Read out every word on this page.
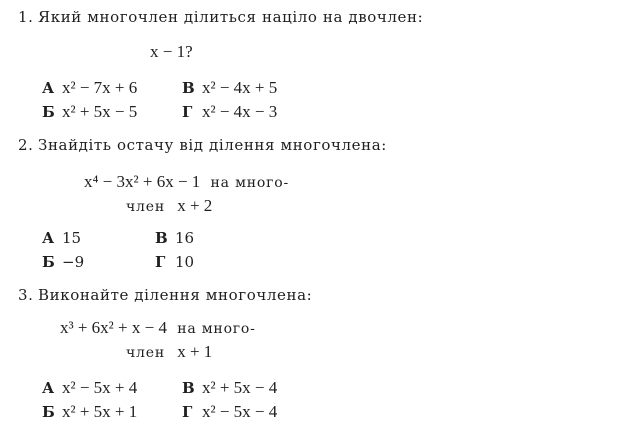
1. Який многочлен ділиться націло на двочлен:
x − 1?
А x² − 7x + 6	В x² − 4x + 5
Б x² + 5x − 5	Г x² − 4x − 3
2. Знайдіть остачу від ділення многочлена:
x⁴ − 3x² + 6x − 1 на много-
член x + 2
А 15	В 16
Б −9	Г 10
3. Виконайте ділення многочлена:
x³ + 6x² + x − 4 на много-
член x + 1
А x² − 5x + 4	В x² + 5x − 4
Б x² + 5x + 1	Г x² − 5x − 4
